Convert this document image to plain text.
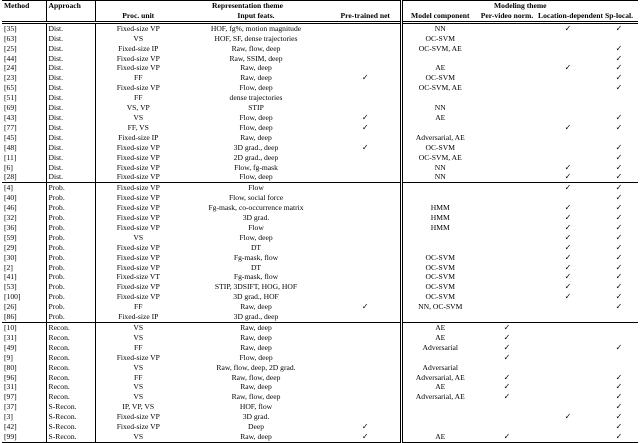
Method	Approach	Representation theme			Modeling theme			
		Proc. unit	Input feats.	Pre-trained net	Model component	Per-video norm.	Location-dependent	Sp-local.
[35]	Dist.	Fixed-size VP	HOF, fg%, motion magnitude		NN		✓	✓
[63]	Dist.	VS	HOF, SF, dense trajectories		OC-SVM			
[25]	Dist.	Fixed-size IP	Raw, flow, deep		OC-SVM, AE			✓
[44]	Dist.	Fixed-size VP	Raw, SSIM, deep					✓
[24]	Dist.	Fixed-size VP	Raw, deep		AE		✓	✓
[23]	Dist.	FF	Raw, deep	✓	OC-SVM			✓
[65]	Dist.	Fixed-size VP	Flow, deep		OC-SVM, AE			✓
[51]	Dist.	FF	dense trajectories					
[69]	Dist.	VS, VP	STIP		NN			
[43]	Dist.	VS	Flow, deep	✓	AE			✓
[77]	Dist.	FF, VS	Flow, deep	✓			✓	✓
[45]	Dist.	Fixed-size IP	Raw, deep		Adversarial, AE			
[48]	Dist.	Fixed-size VP	3D grad., deep	✓	OC-SVM			✓
[11]	Dist.	Fixed-size VP	2D grad., deep		OC-SVM, AE			✓
[6]	Dist.	Fixed-size VP	Flow, fg-mask		NN		✓	✓
[28]	Dist.	Fixed-size VP	Flow, deep		NN		✓	✓
[4]	Prob.	Fixed-size VP	Flow				✓	✓
[40]	Prob.	Fixed-size VP	Flow, social force					✓
[46]	Prob.	Fixed-size VP	Fg-mask, co-occurrence matrix		HMM		✓	✓
[32]	Prob.	Fixed-size VP	3D grad.		HMM		✓	✓
[36]	Prob.	Fixed-size VP	Flow		HMM		✓	✓
[59]	Prob.	VS	Flow, deep				✓	✓
[29]	Prob.	Fixed-size VP	DT				✓	✓
[30]	Prob.	Fixed-size VP	Fg-mask, flow		OC-SVM		✓	✓
[2]	Prob.	Fixed-size VP	DT		OC-SVM		✓	✓
[41]	Prob.	Fixed-size VT	Fg-mask, flow		OC-SVM		✓	✓
[53]	Prob.	Fixed-size VP	STIP, 3DSIFT, HOG, HOF		OC-SVM		✓	✓
[100]	Prob.	Fixed-size VP	3D grad., HOF		OC-SVM		✓	✓
[26]	Prob.	FF	Raw, deep	✓	NN, OC-SVM			✓
[86]	Prob.	Fixed-size IP	3D grad., deep					
[10]	Recon.	VS	Raw, deep		AE	✓		
[31]	Recon.	VS	Raw, deep		AE	✓		
[49]	Recon.	FF	Raw, deep		Adversarial	✓		✓
[9]	Recon.	Fixed-size VP	Flow, deep			✓		
[80]	Recon.	VS	Raw, flow, deep, 2D grad.		Adversarial			
[96]	Recon.	FF	Raw, flow, deep		Adversarial, AE	✓		✓
[31]	Recon.	VS	Raw, deep		AE	✓		✓
[97]	Recon.	VS	Raw, flow, deep		Adversarial, AE	✓		✓
[37]	S-Recon.	IP, VP, VS	HOF, flow					✓
[3]	S-Recon.	Fixed-size VP	3D grad.				✓	✓
[42]	S-Recon.	Fixed-size VP	Deep	✓				✓
[99]	S-Recon.	VS	Raw, deep	✓	AE	✓		✓
